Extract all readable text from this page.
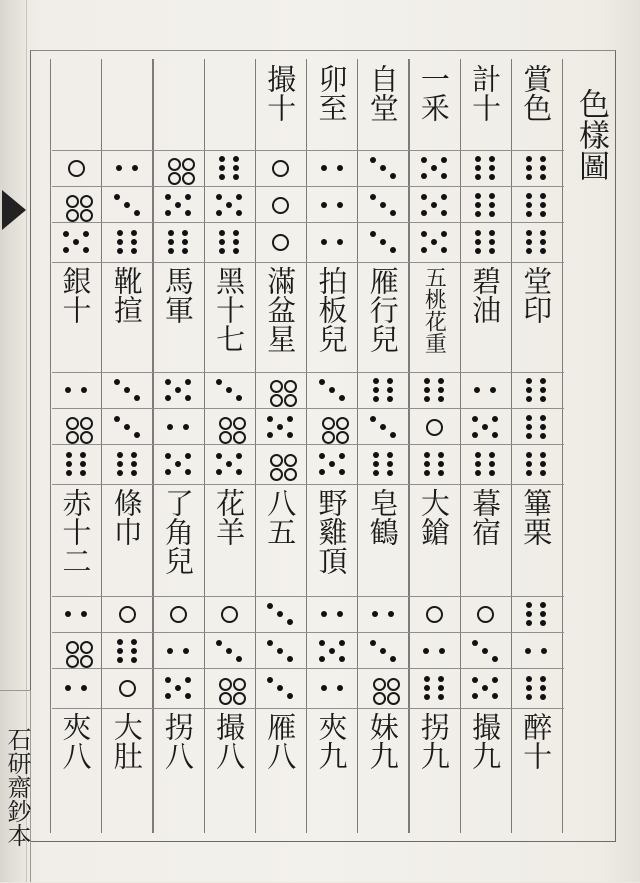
色樣圖
石研齋鈔本
賞色
堂印
篳栗
醉十
計十
碧油
暮宿
撮九
一釆
五桃花重
大鎗
拐九
自堂
雁行兒
皂鶴
妹九
卯至
拍板兒
野雞頂
夾九
撮十
滿盆星
八五
雁八
黑十七
花羊
撮八
馬軍
了角兒
拐八
靴揎
條巾
大肚
銀十
赤十二
夾八
